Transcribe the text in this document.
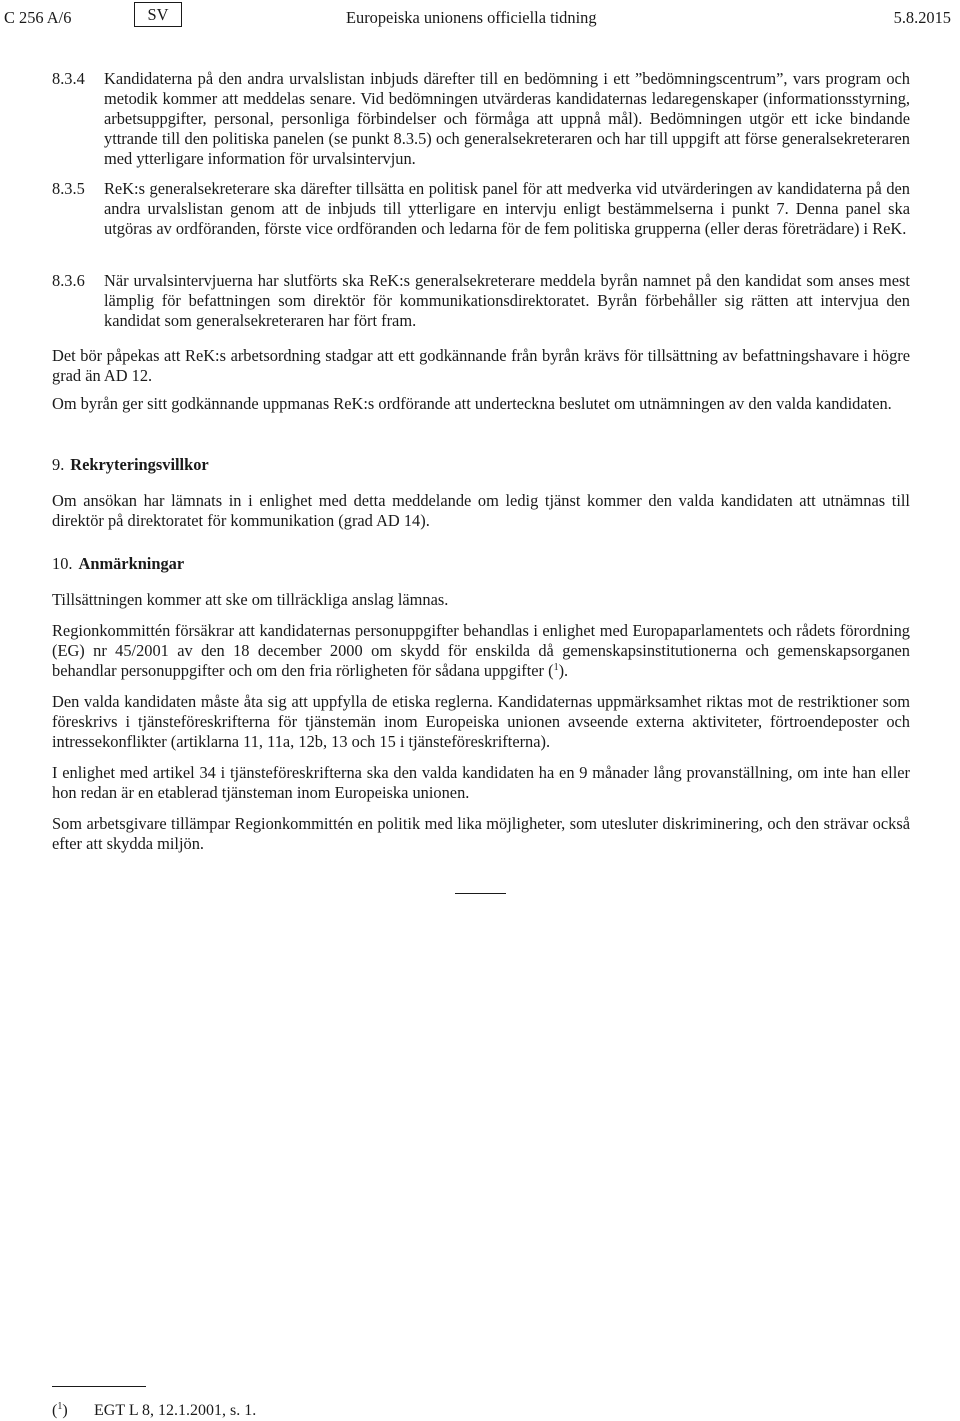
C 256 A/6	SV	Europeiska unionens officiella tidning	5.8.2015
8.3.4 Kandidaterna på den andra urvalslistan inbjuds därefter till en bedömning i ett ”bedömningscentrum”, vars program och metodik kommer att meddelas senare. Vid bedömningen utvärderas kandidaternas ledaregenskaper (informationsstyrning, arbetsuppgifter, personal, personliga förbindelser och förmåga att uppnå mål). Bedömningen utgör ett icke bindande yttrande till den politiska panelen (se punkt 8.3.5) och generalsekreteraren och har till uppgift att förse generalsekreteraren med ytterligare information för urvalsintervjun.
8.3.5 ReK:s generalsekreterare ska därefter tillsätta en politisk panel för att medverka vid utvärderingen av kandidaterna på den andra urvalslistan genom att de inbjuds till ytterligare en intervju enligt bestämmelserna i punkt 7. Denna panel ska utgöras av ordföranden, förste vice ordföranden och ledarna för de fem politiska grupperna (eller deras företrädare) i ReK.
8.3.6 När urvalsintervjuerna har slutförts ska ReK:s generalsekreterare meddela byrån namnet på den kandidat som anses mest lämplig för befattningen som direktör för kommunikationsdirektoratet. Byrån förbehåller sig rätten att intervjua den kandidat som generalsekreteraren har fört fram.
Det bör påpekas att ReK:s arbetsordning stadgar att ett godkännande från byrån krävs för tillsättning av befattningshavare i högre grad än AD 12.
Om byrån ger sitt godkännande uppmanas ReK:s ordförande att underteckna beslutet om utnämningen av den valda kandidaten.
9. Rekryteringsvillkor
Om ansökan har lämnats in i enlighet med detta meddelande om ledig tjänst kommer den valda kandidaten att utnämnas till direktör på direktoratet för kommunikation (grad AD 14).
10. Anmärkningar
Tillsättningen kommer att ske om tillräckliga anslag lämnas.
Regionkommittén försäkrar att kandidaternas personuppgifter behandlas i enlighet med Europaparlamentets och rådets förordning (EG) nr 45/2001 av den 18 december 2000 om skydd för enskilda då gemenskapsinstitutionerna och gemenskapsorganen behandlar personuppgifter och om den fria rörligheten för sådana uppgifter ($^1$).
Den valda kandidaten måste åta sig att uppfylla de etiska reglerna. Kandidaternas uppmärksamhet riktas mot de restriktioner som föreskrivs i tjänsteföreskrifterna för tjänstemän inom Europeiska unionen avseende externa aktiviteter, förtroendeposter och intressekonflikter (artiklarna 11, 11a, 12b, 13 och 15 i tjänsteföreskrifterna).
I enlighet med artikel 34 i tjänsteföreskrifterna ska den valda kandidaten ha en 9 månader lång provanställning, om inte han eller hon redan är en etablerad tjänsteman inom Europeiska unionen.
Som arbetsgivare tillämpar Regionkommittén en politik med lika möjligheter, som utesluter diskriminering, och den strävar också efter att skydda miljön.
($^1$) EGT L 8, 12.1.2001, s. 1.
